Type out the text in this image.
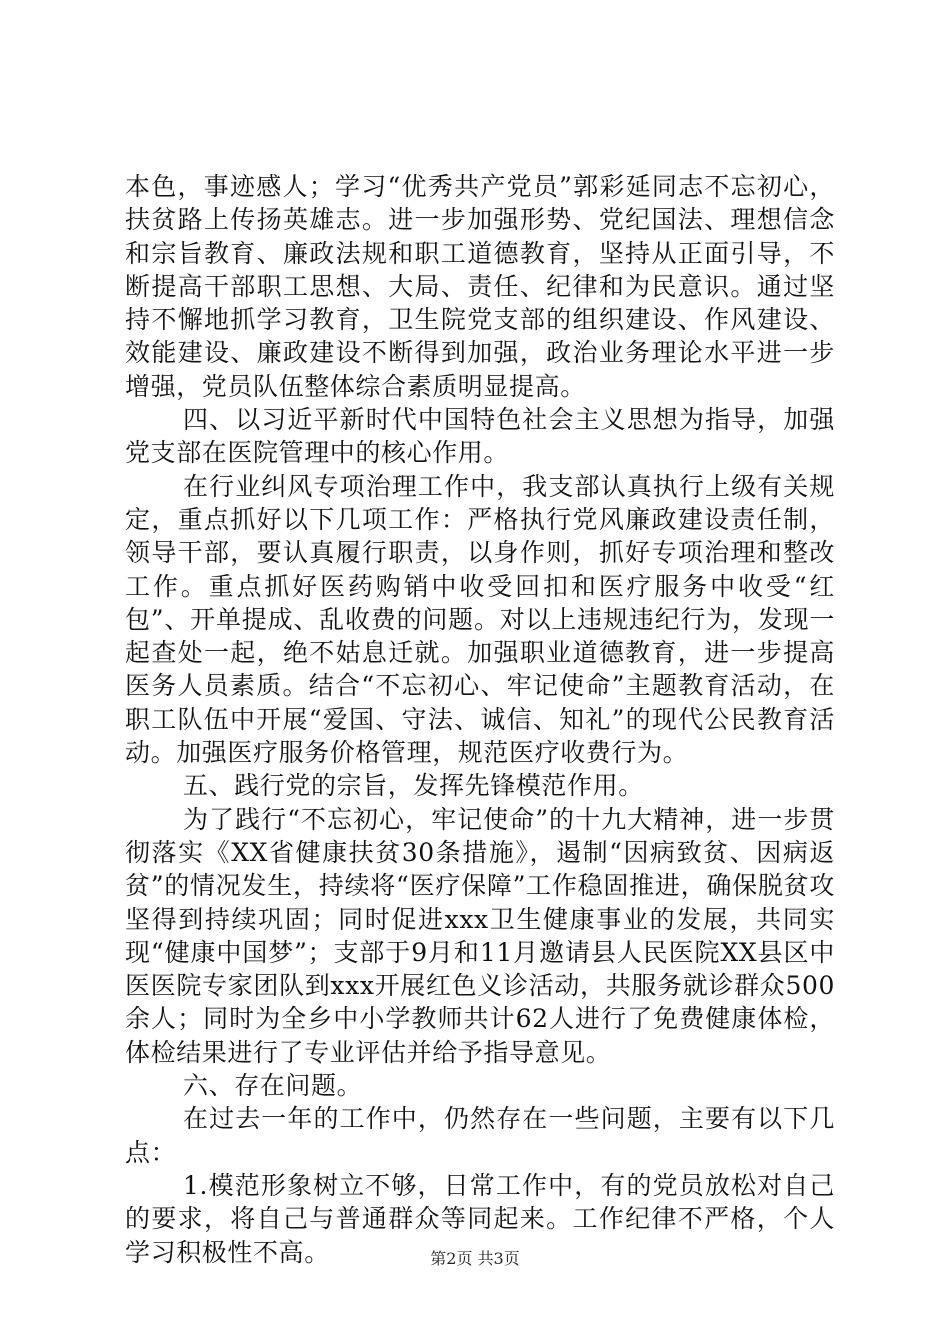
本色，事迹感人；学习“优秀共产党员”郭彩延同志不忘初心，扶贫路上传扬英雄志。进一步加强形势、党纪国法、理想信念和宗旨教育、廉政法规和职工道德教育，坚持从正面引导，不断提高干部职工思想、大局、责任、纪律和为民意识。通过坚持不懈地抓学习教育，卫生院党支部的组织建设、作风建设、效能建设、廉政建设不断得到加强，政治业务理论水平进一步增强，党员队伍整体综合素质明显提高。

四、以习近平新时代中国特色社会主义思想为指导，加强党支部在医院管理中的核心作用。

在行业纠风专项治理工作中，我支部认真执行上级有关规定，重点抓好以下几项工作：严格执行党风廉政建设责任制，领导干部，要认真履行职责，以身作则，抓好专项治理和整改工作。重点抓好医药购销中收受回扣和医疗服务中收受“红包”、开单提成、乱收费的问题。对以上违规违纪行为，发现一起查处一起，绝不姑息迁就。加强职业道德教育，进一步提高医务人员素质。结合“不忘初心、牢记使命”主题教育活动，在职工队伍中开展“爱国、守法、诚信、知礼”的现代公民教育活动。加强医疗服务价格管理，规范医疗收费行为。

五、践行党的宗旨，发挥先锋模范作用。

为了践行“不忘初心，牢记使命”的十九大精神，进一步贯彻落实《XX省健康扶贫30条措施》，遏制“因病致贫、因病返贫”的情况发生，持续将“医疗保障”工作稳固推进，确保脱贫攻坚得到持续巩固；同时促进xxx卫生健康事业的发展，共同实现“健康中国梦”；支部于9月和11月邀请县人民医院XX县区中医医院专家团队到xxx开展红色义诊活动，共服务就诊群众500余人；同时为全乡中小学教师共计62人进行了免费健康体检，体检结果进行了专业评估并给予指导意见。

六、存在问题。

在过去一年的工作中，仍然存在一些问题，主要有以下几点：

1.模范形象树立不够，日常工作中，有的党员放松对自己的要求，将自己与普通群众等同起来。工作纪律不严格，个人学习积极性不高。	第2页 共3页
